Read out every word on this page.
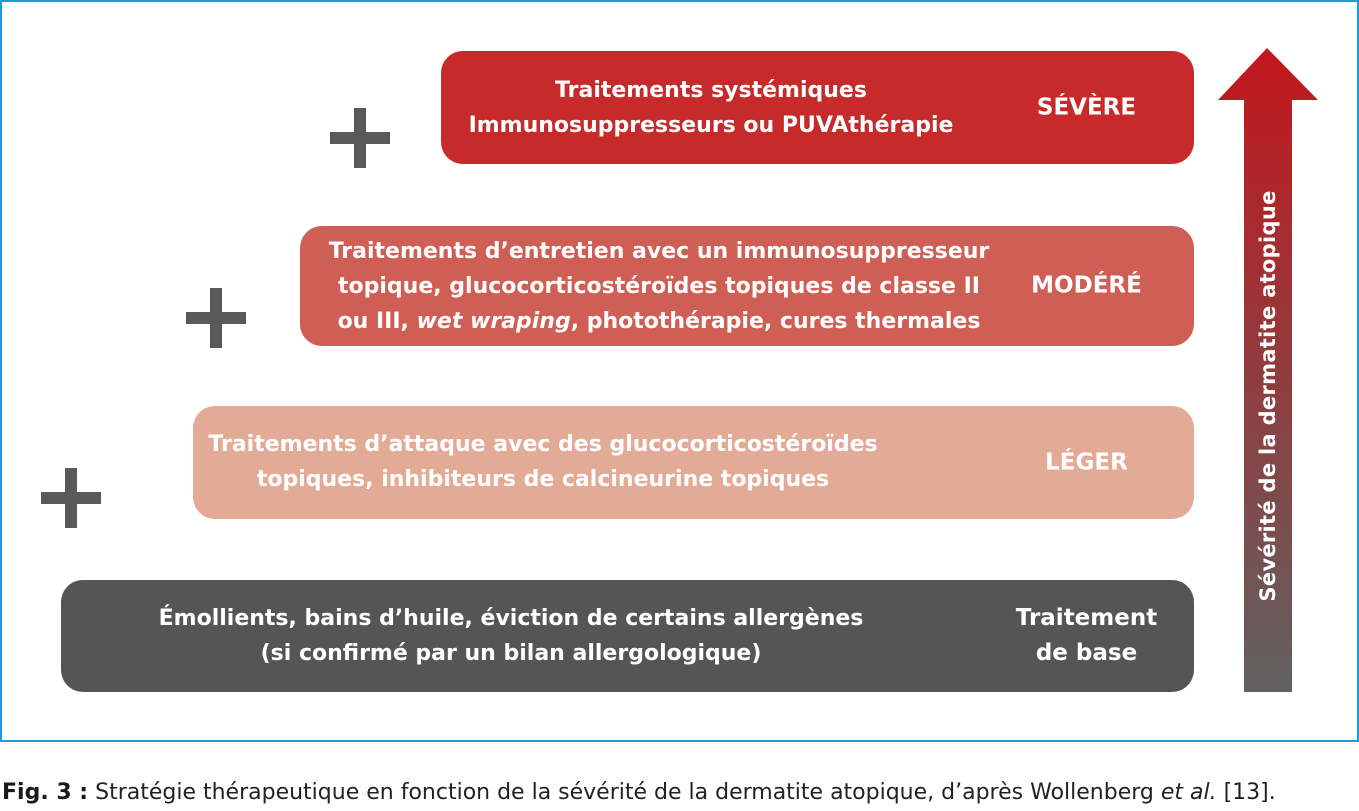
Traitements systémiques
Immunosuppresseurs ou PUVAthérapie
SÉVÈRE
Traitements d’entretien avec un immunosuppresseur
topique, glucocorticostéroïdes topiques de classe II
ou III, wet wraping, photothérapie, cures thermales
MODÉRÉ
Traitements d’attaque avec des glucocorticostéroïdes
topiques, inhibiteurs de calcineurine topiques
LÉGER
Émollients, bains d’huile, éviction de certains allergènes
(si confirmé par un bilan allergologique)
Traitement
de base
Sévérité de la dermatite atopique
Fig. 3 : Stratégie thérapeutique en fonction de la sévérité de la dermatite atopique, d’après Wollenberg et al. [13].
